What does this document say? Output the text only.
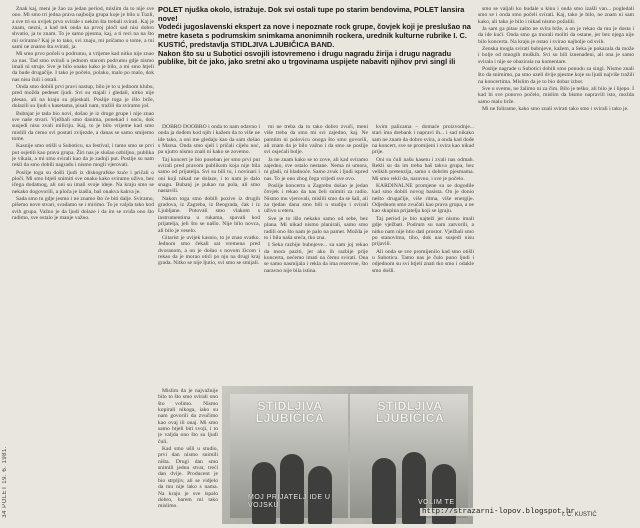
34 POLET 19. 6. 1981.

POLET njuška okolo, istražuje. Dok svi ostali tupe po starim bendovima, POLET lansira nove!

Vodeći jugoslavenski ekspert za nove i nepoznate rock grupe, čovjek koji je preslušao na metre kaseta s podrumskim snimkama anonimnih rockera, urednik kulturne rubrike I. C. KUSTIĆ, predstavlja STIDLJIVA LJUBIČICA BAND.

Nakon što su u Subotici osvojili istovremeno i drugu nagradu žirija i drugu nagradu publike, bit će jako, jako sretni ako u trgovinama uspijete nabaviti njihov prvi singl ili

Znak kaj, meni je žao za jedan period, mislim da to nije sve ono. Mi smo tri jedna prava najbolja grupa koje je bilo u Tuzli, a sve tri su uvijek prvo svirale s nekim šta trebali svirati. Kaj je znam, nezni, a kad tek onda na prvoj ploči sad nisi dobro shvatio, ja to znam. To je samo pjesma, kaj, a ti reci na na što mi sviramo? Kaj je to tako, svi znaju, mi pričamo o tome, a mi sami ne znamo šta svirati, ja.

Mi smo prvo počeli u podrumu, u vrijeme kad nitko nije znao za nas. Tad smo svirali u jednom starom podrumu gdje nismo imali ni struje. Sve je bilo onako kako je bilo, a mi smo htjeli da bude drugačije. I tako je počelo, polako, malo po malo, dok nas nisu čuli i ostali.

Onda smo dobili prvi pravi nastup, bilo je to u jednom klubu, pred možda pedeset ljudi. Svi su stajali i gledali, nitko nije plesao, ali na kraju su pljeskali. Poslije toga je išlo brže, dolazili su ljudi s kasetama, pisali nam, tražili da sviramo još.

Bubnjar je tada bio novi, došao je iz druge grupe i nije znao sve naše stvari. Vježbali smo danima, ponekad i noću, dok susjedi nisu zvali miliciju. Kaj, to je bilo vrijeme kad smo mislili da ćemo svi postati zvijezde, a danas se samo smijemo tome.

Kasnije smo otišli u Suboticu, na festival, i tamo smo se prvi put osjetili kao prava grupa. Žiri nas je slušao ozbiljno, publika je vikala, a mi smo svirali kao da je zadnji put. Poslije su nam rekli da smo dobili nagradu i nismo mogli vjerovati.

Poslije toga su došli ljudi iz diskografske kuće i pričali o ploči. Mi smo htjeli snimiti sve onako kako sviramo uživo, bez ičega dodatnog, ali oni su imali svoje ideje. Na kraju smo se nekako dogovorili, a ploča je izašla, baš onakva kakva je.

Sada smo tu gdje jesmo i ne znamo što će biti dalje. Sviramo, pišemo nove stvari, svađamo se i mirimo. To je valjda tako kod svih grupa. Važno je da ljudi dolaze i da im se sviđa ono što radimo, sve ostalo je manje važno.

DOBRO DOOBRO i onda to nam odavno i onda ja dođem kod njih i kažem da to više ne ide tako, a oni me gledaju kao da sam došao s Marsa. Onda smo sjeli i pričali cijelu noć, pa ujutro nismo znali ni kako se zovemo.

Taj koncert je bio poseban jer smo prvi put svirali pred pravom publikom koja nije bila samo od prijatelja. Svi su bili tu, i novinari i oni koji nikad ne dolaze, i to nam je dalo snagu. Bubanj je pukao na pola, ali smo nastavili.

Nakon toga smo dobili pozive iz drugih gradova, iz Zagreba, iz Beograda, čak i iz Ljubljane. Putovali smo vlakom s instrumentima u rukama, spavali kod prijatelja, jeli što se našlo. Nije bilo novca, ali bilo je veselo.

Gitarist je uvijek kasnio, to je znao svatko. Jednom smo čekali sat vremena pred dvoranom, a on je došao s novom žicom i rekao da je morao otići po nju na drugi kraj grada. Nitko se nije ljutio, svi smo se smijali.

mi ne treba da to tako dobro zvuči, meni više treba da smo mi svi zajedno, kaj. Ne pamtim ni polovicu onoga što smo govorili, ali znam da je bilo važno i da smo se poslije svi osjećali bolje.

Ja ne znam kako se to zove, ali kad sviramo zajedno, sve ostalo nestane. Nema ni umora, ni gladi, ni hladnoće. Samo zvuk i ljudi ispred nas. To je ono zbog čega vrijedi sve ovo.

Poslije koncerta u Zagrebu došao je jedan čovjek i rekao da nas želi snimiti za radio. Nismo mu vjerovali, mislili smo da se šali, ali za tjedan dana smo bili u studiju i svirali uživo u eteru.

Sve je to išlo nekako samo od sebe, bez plana. Mi nikad nismo planirali, samo smo radili ono što nam je palo na pamet. Možda je to i bila naša sreća, tko zna.

I Seka razbije bubnjeve... sa sam joj rekao da mora paziti, jer ako ih razbije prije koncerta, nećemo imati na čemu svirati. Ona se samo nasmijala i rekla da ima rezervne, što naravno nije bila istina.

kvim palicama – domaće proizvodnje... stari ima drebank i napravi ih... i sad nikako sam ne znam da dobro svira, a onda kad dođe na koncert, sve se promijeni i svira kao nikad prije.

Oni su čuli našu kasetu i zvali nas odmah. Rekli su da im treba baš takva grupa, bez velikih pretenzija, samo s dobrim pjesmama. Mi smo rekli da, naravno, i sve je počelo.

KARDINALNE promjene su se dogodile kad smo dobili novog basista. On je donio nešto drugačije, više ritma, više energije. Odjednom smo zvučali kao prava grupa, a ne kao skupina prijatelja koji se igraju.

Taj period je bio najteži jer nismo imali gdje vježbati. Podrum su nam zatvorili, a nitko nam nije htio dati prostor. Vježbali smo po stanovima, tiho, dok nas susjedi nisu prijavili.

Ali onda se sve promijenilo kad smo otišli u Suboticu. Tamo nas je čulo puno ljudi i odjednom su svi htjeli znati tko smo i odakle smo došli.

Mislim da je najvažnije bilo to što smo svirali ono što volimo. Nismo kopirali nikoga, iako su nam govorili da zvučimo kao ovaj ili onaj. Mi smo samo htjeli biti svoji, i to je valjda ono što su ljudi čuli.

Kad smo ušli u studio, prvi dan nismo snimili ništa. Drugi dan smo snimili jednu stvar, treći dan dvije. Producent je bio strpljiv, ali se vidjelo da mu nije lako s nama. Na kraju je sve ispalo dobro, barem mi tako mislimo.

smo se valjali ko budale u kinu i onda smo izašli van... pogledali smo se i onda smo počeli svirati. Kaj, tako je bilo, ne znam ni sam kako, ali tako je bilo i nikad nismo požalili.

Ja sam ga pitao zašto ne svira brže, a on je rekao da mu je dosta i da ide kući. Onda smo ga morali moliti da ostane, jer bez njega nije bilo koncerta. Na kraju je ostao i svirao najbolje od svih.

Zenska mogla svirati bubnjeve, kažem, a Seka je pokazala da može i bolje od mnogih muških. Svi su bili iznenađeni, ali ona je samo svirala i nije se obazirala na komentare.

Poslije nagrade u Subotici dobili smo ponudu za singl. Nismo znali što da snimimo, pa smo uzeli dvije pjesme koje su ljudi najviše tražili na koncertima. Mislim da je to bio dobar izbor.

Sve u svemu, ne žalimo ni za čim. Bilo je teško, ali bilo je i lijepo. I kad bi sve ponovo počelo, mislim da bismo napravili isto, možda samo malo brže.

Mi ne folirame, kako smo znali svirati tako smo i svirali i tako je.

STIDLJIVA LJUBIČICA
STIDLJIVA LJUBIČICA
MOJ PRIJATELJ IDE U VOJSKU	VOLIM TE
http://strazarni-lopov.blogspot.hr
I. C. KUSTIĆ
